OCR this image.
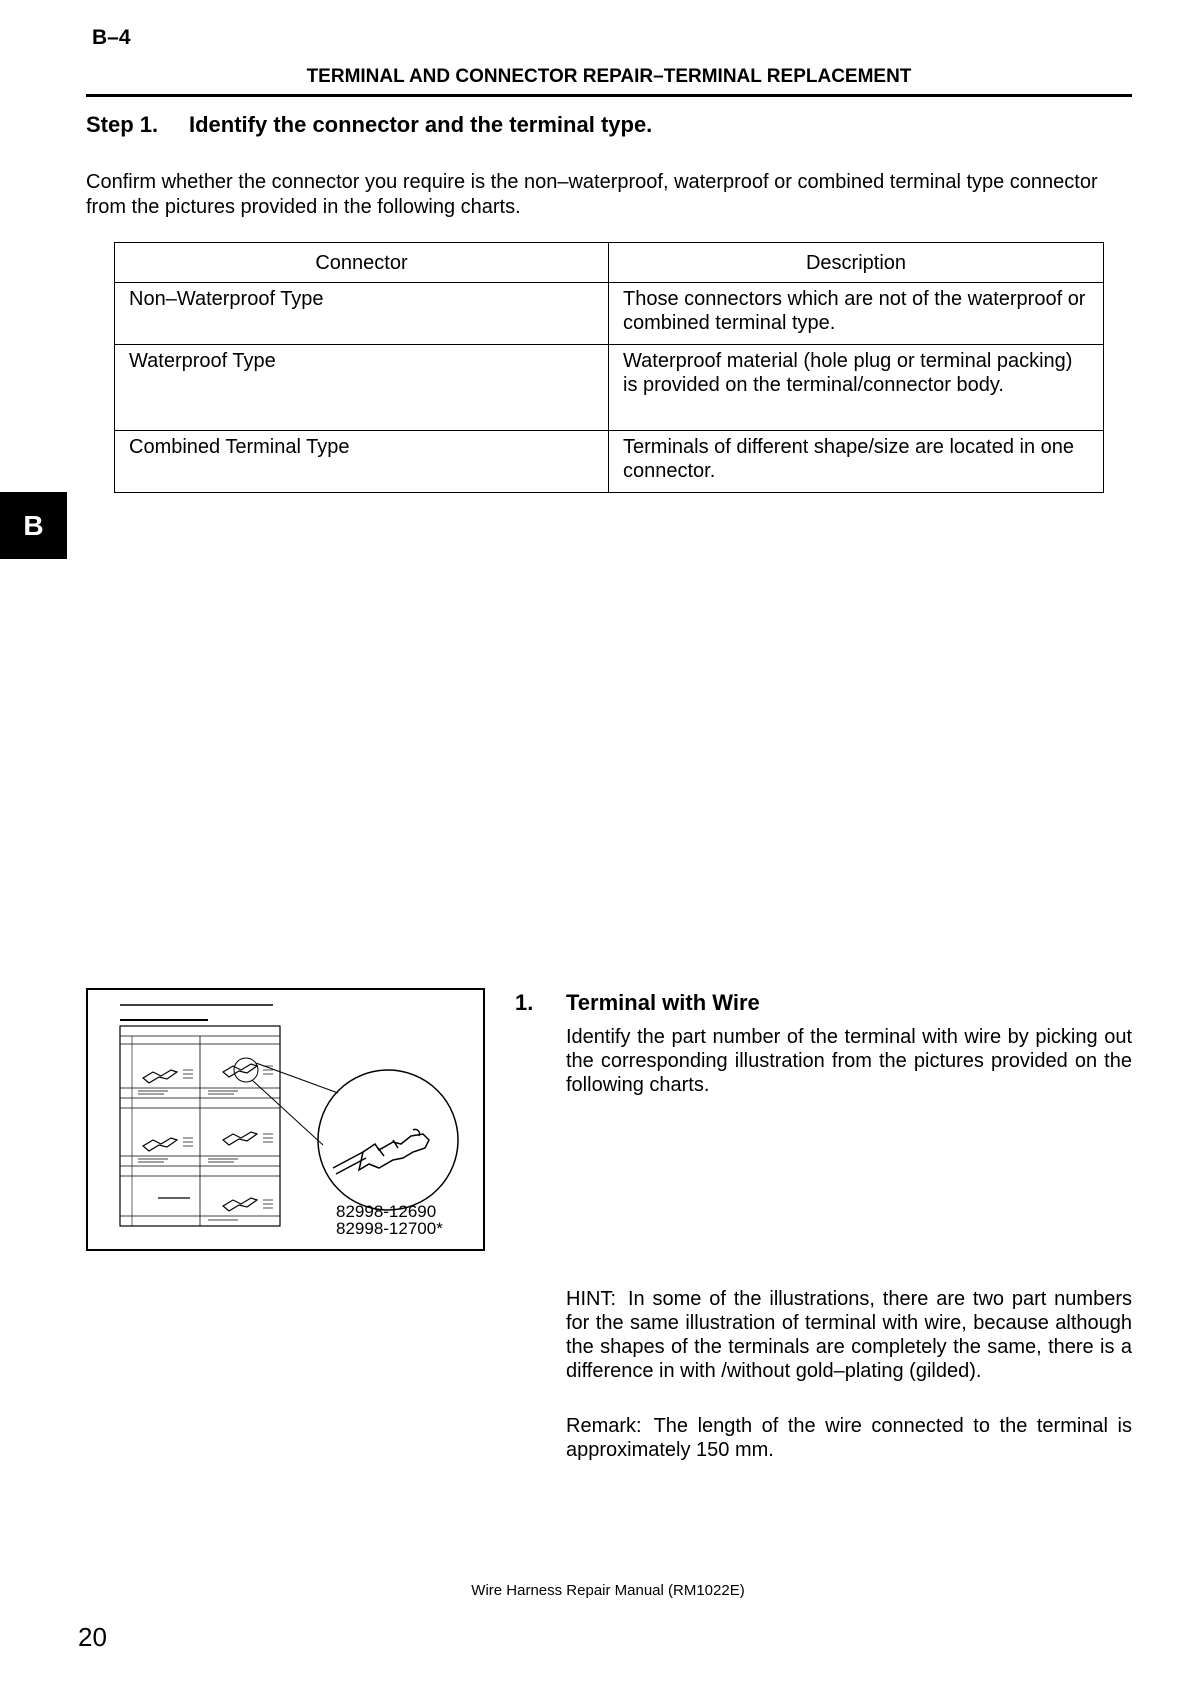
B–4
TERMINAL AND CONNECTOR REPAIR–TERMINAL REPLACEMENT
Step 1. Identify the connector and the terminal type.
Confirm whether the connector you require is the non–waterproof, waterproof or combined terminal type connector from the pictures provided in the following charts.
Connector	Description
Non–Waterproof Type	Those connectors which are not of the waterproof or combined terminal type.
Waterproof Type	Waterproof material (hole plug or terminal packing) is provided on the terminal/connector body.
Combined Terminal Type	Terminals of different shape/size are located in one connector.
B
82998-12690
82998-12700*
1. Terminal with Wire
Identify the part number of the terminal with wire by picking out the corresponding illustration from the pictures provided on the following charts.
HINT: In some of the illustrations, there are two part numbers for the same illustration of terminal with wire, because although the shapes of the terminals are completely the same, there is a difference in with /without gold–plating (gilded).
Remark: The length of the wire connected to the terminal is approximately 150 mm.
Wire Harness Repair Manual (RM1022E)
20
